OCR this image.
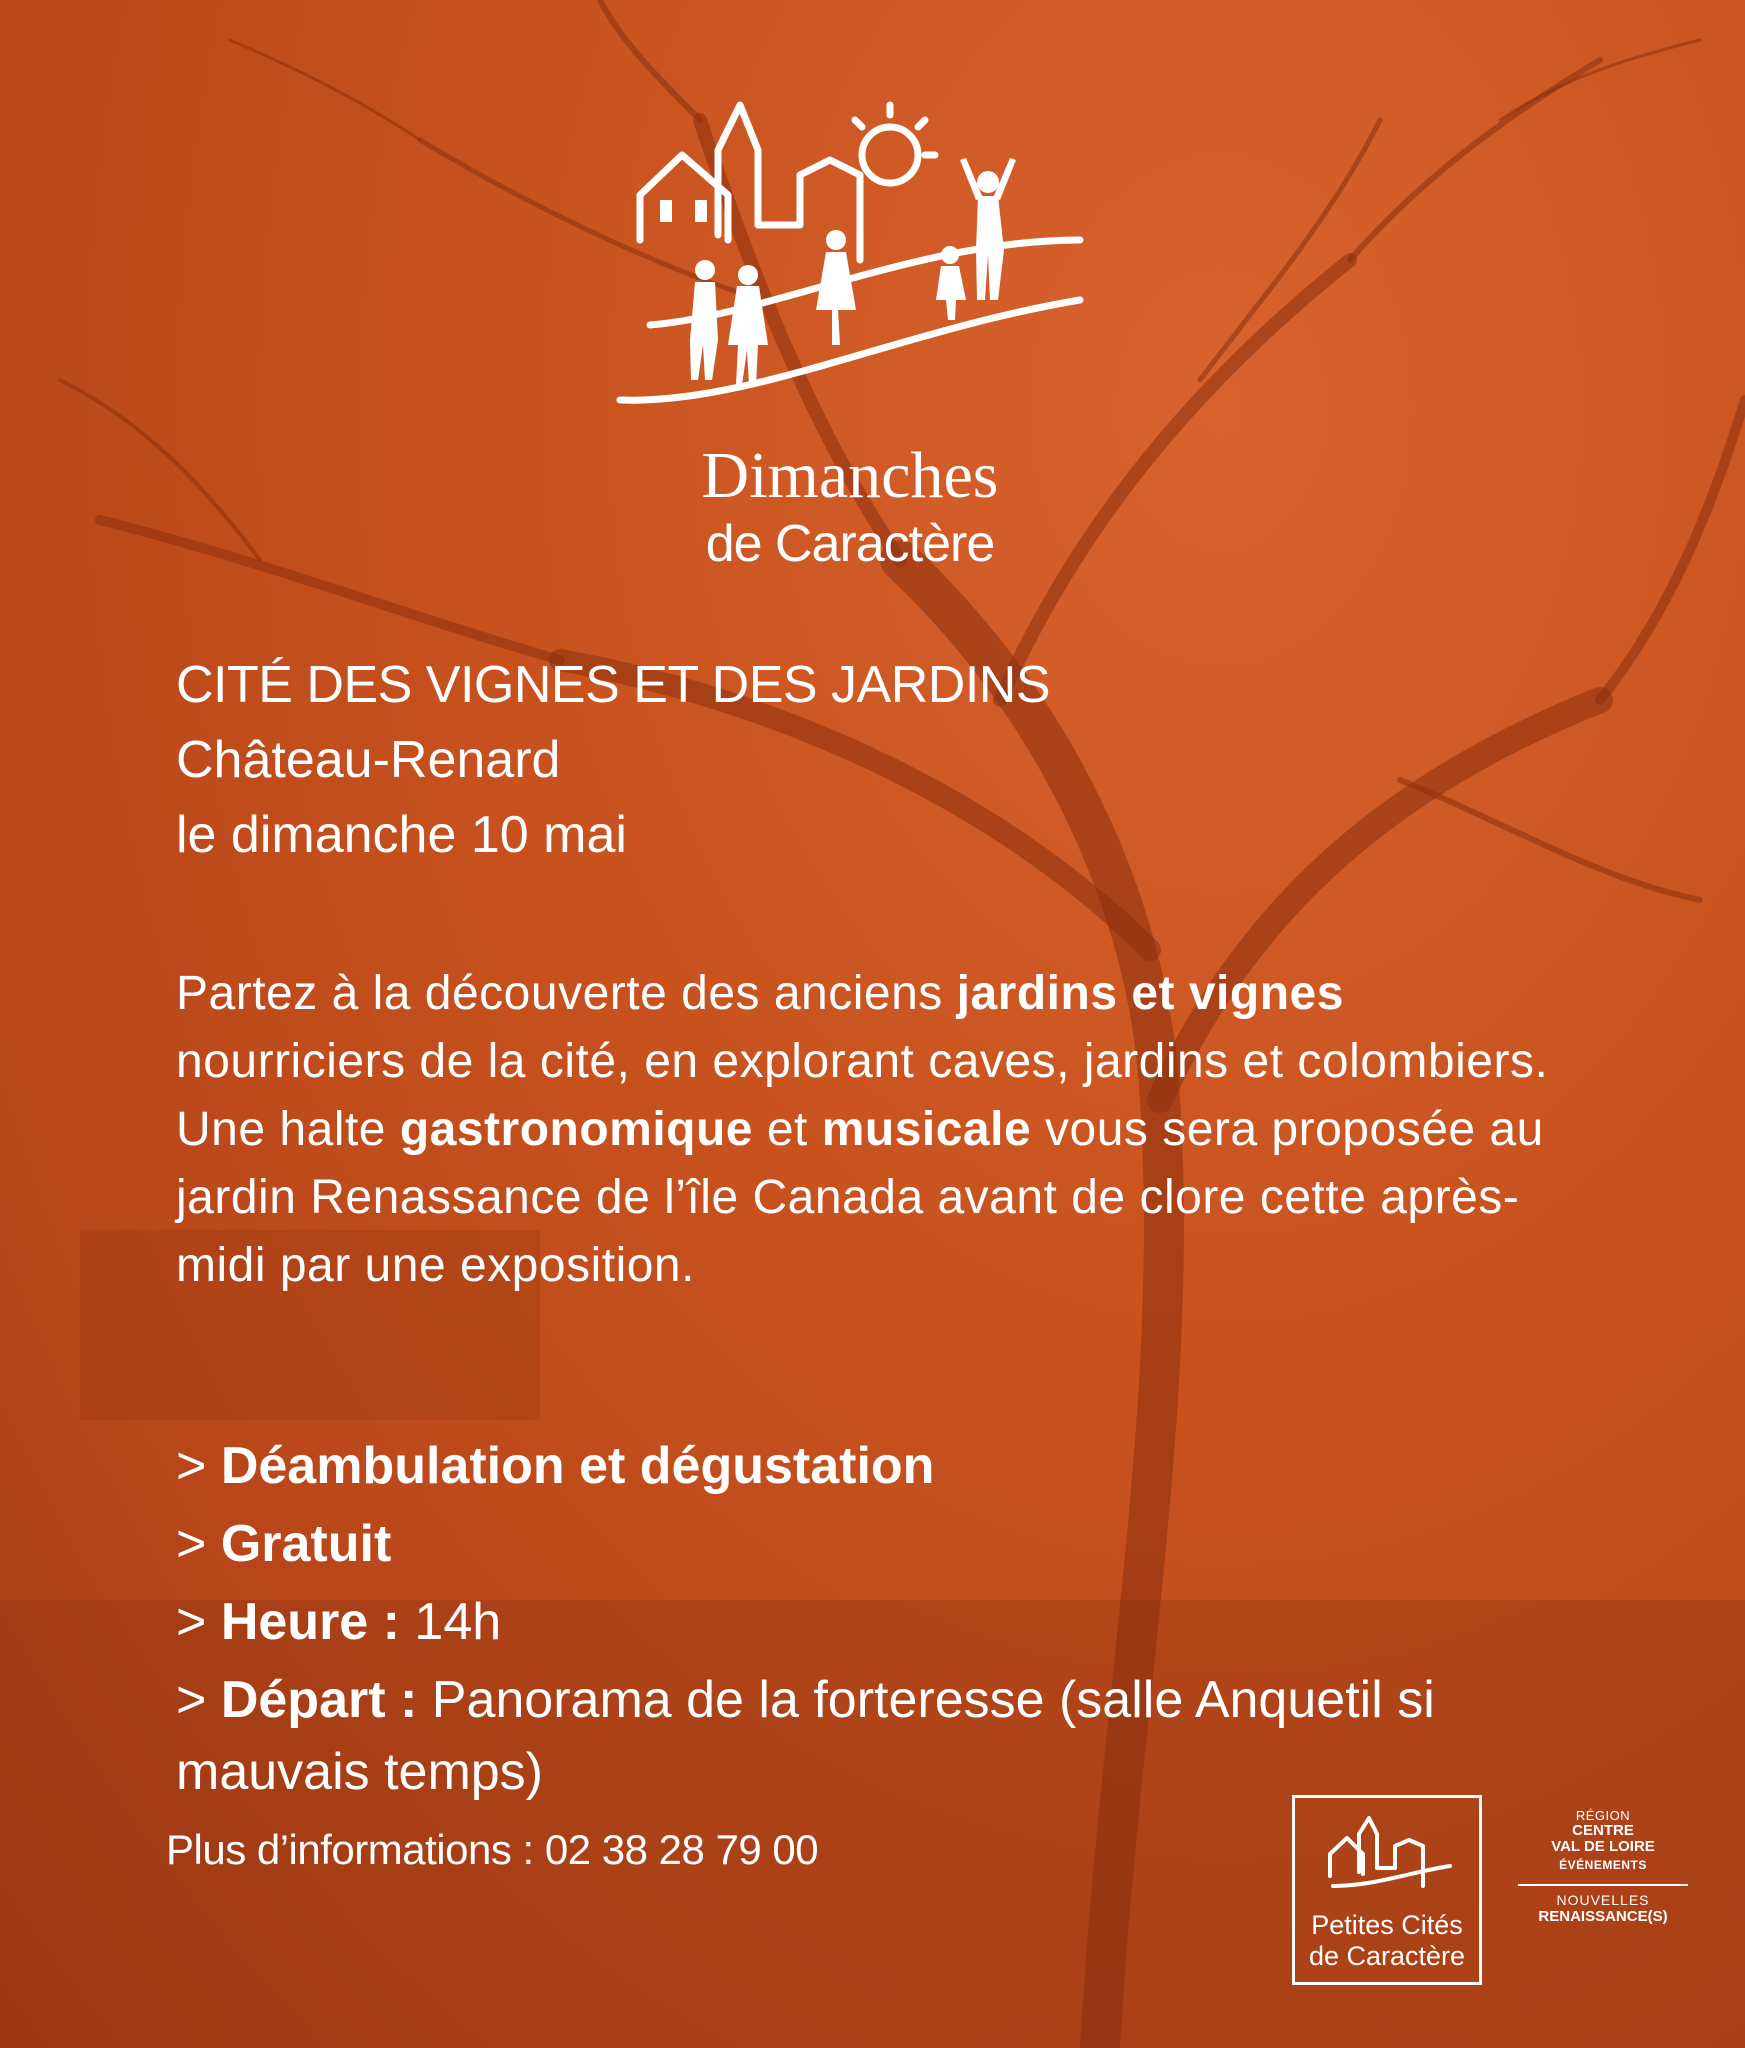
Dimanches
de Caractère
CITÉ DES VIGNES ET DES JARDINS
Château-Renard
le dimanche 10 mai

Partez à la découverte des anciens jardins et vignes nourriciers de la cité, en explorant caves, jardins et colombiers.

Une halte gastronomique et musicale vous sera proposée au jardin Renassance de l’île Canada avant de clore cette après-midi par une exposition.

> Déambulation et dégustation
> Gratuit
> Heure : 14h
> Départ : Panorama de la forteresse (salle Anquetil si mauvais temps)
Plus d’informations : 02 38 28 79 00
Petites Cités
de Caractère
RÉGION
CENTRE
VAL DE LOIRE
ÉVÉNEMENTS
NOUVELLES
RENAISSANCE(S)
